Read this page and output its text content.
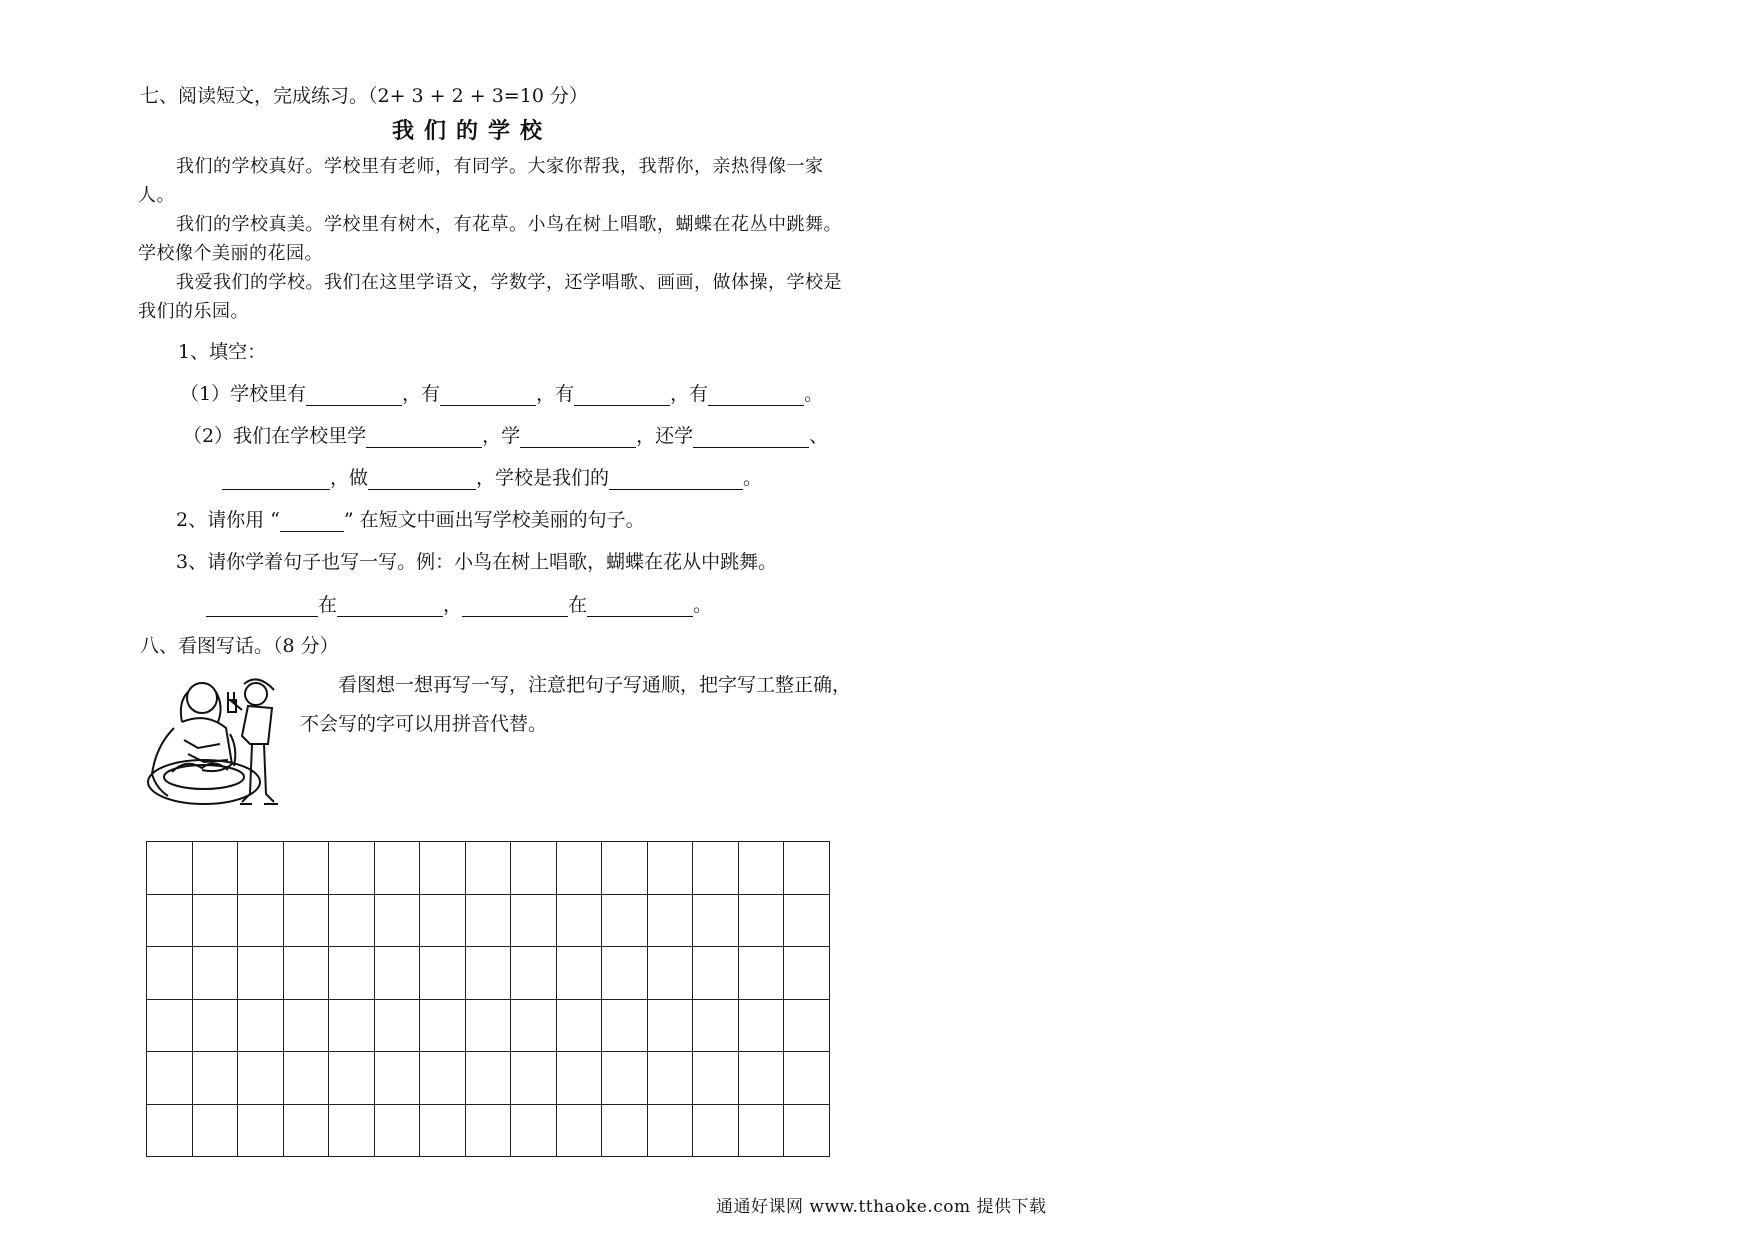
七、阅读短文，完成练习。（2+ 3 + 2 + 3=10 分）
我们的学校
我们的学校真好。学校里有老师，有同学。大家你帮我，我帮你，亲热得像一家人。
我们的学校真美。学校里有树木，有花草。小鸟在树上唱歌，蝴蝶在花丛中跳舞。学校像个美丽的花园。
我爱我们的学校。我们在这里学语文，学数学，还学唱歌、画画，做体操，学校是我们的乐园。
1、填空：
（1）学校里有	，有	，有	，有	。
（2）我们在学校里学	，学	，还学	、
，做	，学校是我们的	。
2、请你用 “	” 在短文中画出写学校美丽的句子。
3、请你学着句子也写一写。例：小鸟在树上唱歌，蝴蝶在花从中跳舞。
在	，	在	。
八、看图写话。（8 分）
看图想一想再写一写，注意把句子写通顺，把字写工整正确，
不会写的字可以用拼音代替。

通通好课网 www.tthaoke.com 提供下载
